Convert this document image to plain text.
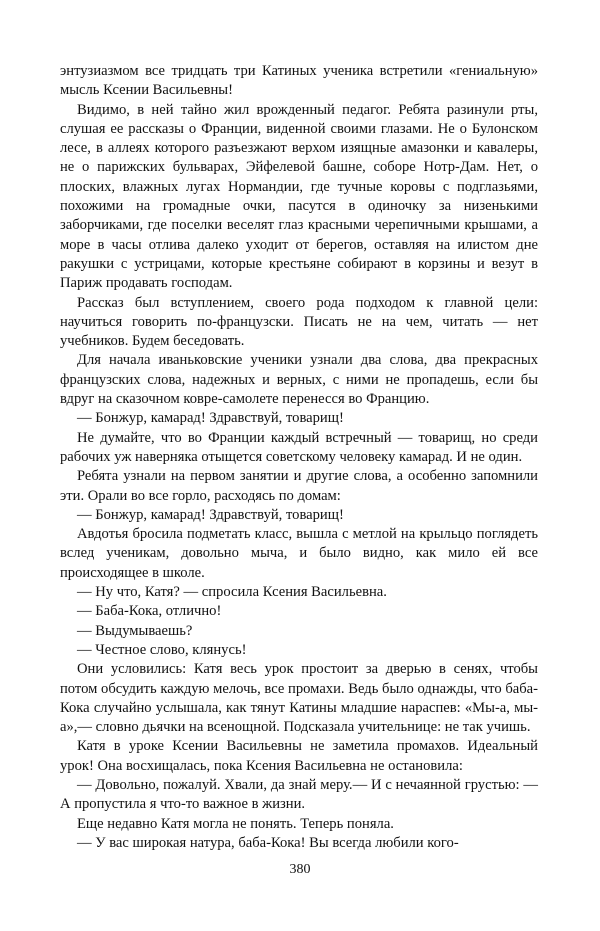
энтузиазмом все тридцать три Катиных ученика встретили «гениальную» мысль Ксении Васильевны!

Видимо, в ней тайно жил врожденный педагог. Ребята разинули рты, слушая ее рассказы о Франции, виденной своими глазами. Не о Булонском лесе, в аллеях которого разъезжают верхом изящные амазонки и кавалеры, не о парижских бульварах, Эйфелевой башне, соборе Нотр-Дам. Нет, о плоских, влажных лугах Нормандии, где тучные коровы с подглазьями, похожими на громадные очки, пасутся в одиночку за низенькими заборчиками, где поселки веселят глаз красными черепичными крышами, а море в часы отлива далеко уходит от берегов, оставляя на илистом дне ракушки с устрицами, которые крестьяне собирают в корзины и везут в Париж продавать господам.

Рассказ был вступлением, своего рода подходом к главной цели: научиться говорить по-французски. Писать не на чем, читать — нет учебников. Будем беседовать.

Для начала иваньковские ученики узнали два слова, два прекрасных французских слова, надежных и верных, с ними не пропадешь, если бы вдруг на сказочном ковре-самолете перенесся во Францию.

— Бонжур, камарад! Здравствуй, товарищ!

Не думайте, что во Франции каждый встречный — товарищ, но среди рабочих уж наверняка отыщется советскому человеку камарад. И не один.

Ребята узнали на первом занятии и другие слова, а особенно запомнили эти. Орали во все горло, расходясь по домам:

— Бонжур, камарад! Здравствуй, товарищ!

Авдотья бросила подметать класс, вышла с метлой на крыльцо поглядеть вслед ученикам, довольно мыча, и было видно, как мило ей все происходящее в школе.

— Ну что, Катя? — спросила Ксения Васильевна.

— Баба-Кока, отлично!

— Выдумываешь?

— Честное слово, клянусь!

Они условились: Катя весь урок простоит за дверью в сенях, чтобы потом обсудить каждую мелочь, все промахи. Ведь было однажды, что баба-Кока случайно услышала, как тянут Катины младшие нараспев: «Мы-а, мы-а»,— словно дьячки на всенощной. Подсказала учительнице: не так учишь.

Катя в уроке Ксении Васильевны не заметила промахов. Идеальный урок! Она восхищалась, пока Ксения Васильевна не остановила:

— Довольно, пожалуй. Хвали, да знай меру.— И с нечаянной грустью: — А пропустила я что-то важное в жизни.

Еще недавно Катя могла не понять. Теперь поняла.

— У вас широкая натура, баба-Кока! Вы всегда любили кого-

380
